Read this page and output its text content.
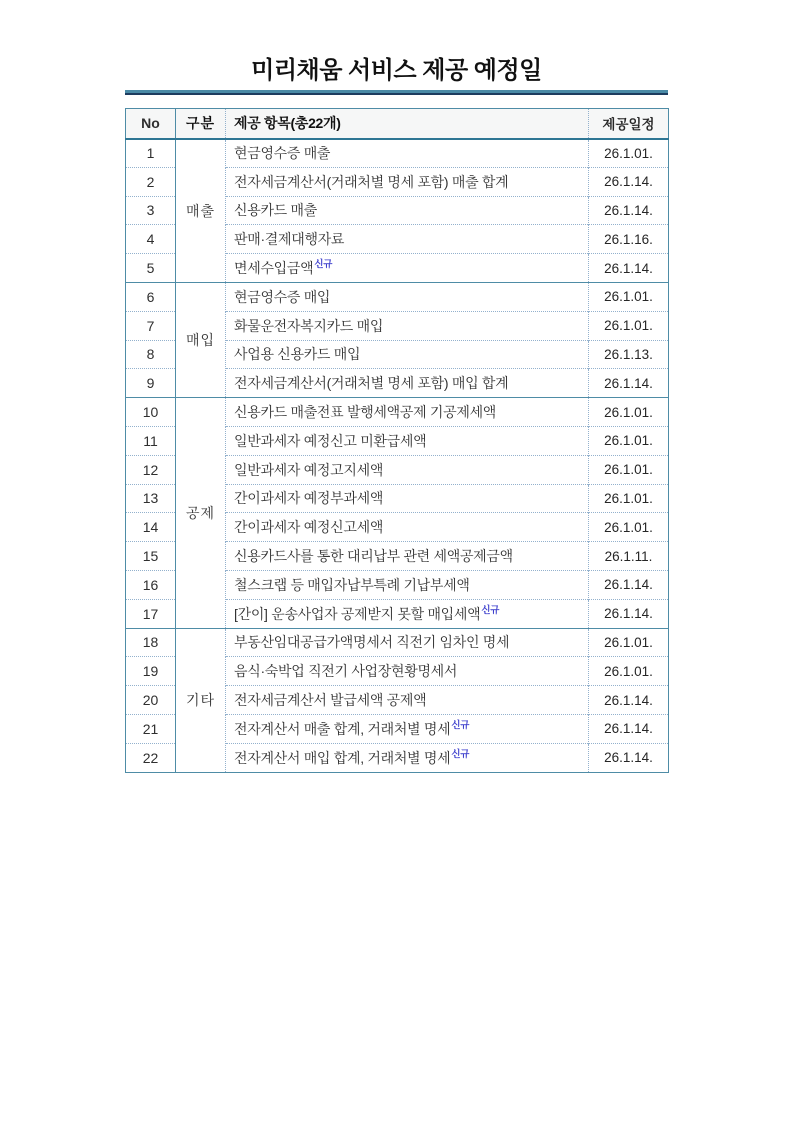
미리채움 서비스 제공 예정일
No	구분	제공 항목(총22개)	제공일정
1	매출	현금영수증 매출	26.1.01.
2		전자세금계산서(거래처별 명세 포함) 매출 합계	26.1.14.
3		신용카드 매출	26.1.14.
4		판매·결제대행자료	26.1.16.
5		면세수입금액$^{신규}$	26.1.14.
6	매입	현금영수증 매입	26.1.01.
7		화물운전자복지카드 매입	26.1.01.
8		사업용 신용카드 매입	26.1.13.
9		전자세금계산서(거래처별 명세 포함) 매입 합계	26.1.14.
10	공제	신용카드 매출전표 발행세액공제 기공제세액	26.1.01.
11		일반과세자 예정신고 미환급세액	26.1.01.
12		일반과세자 예정고지세액	26.1.01.
13		간이과세자 예정부과세액	26.1.01.
14		간이과세자 예정신고세액	26.1.01.
15		신용카드사를 통한 대리납부 관련 세액공제금액	26.1.11.
16		철스크랩 등 매입자납부특례 기납부세액	26.1.14.
17		[간이] 운송사업자 공제받지 못할 매입세액$^{신규}$	26.1.14.
18	기타	부동산임대공급가액명세서 직전기 임차인 명세	26.1.01.
19		음식·숙박업 직전기 사업장현황명세서	26.1.01.
20		전자세금계산서 발급세액 공제액	26.1.14.
21		전자계산서 매출 합계, 거래처별 명세$^{신규}$	26.1.14.
22		전자계산서 매입 합계, 거래처별 명세$^{신규}$	26.1.14.
